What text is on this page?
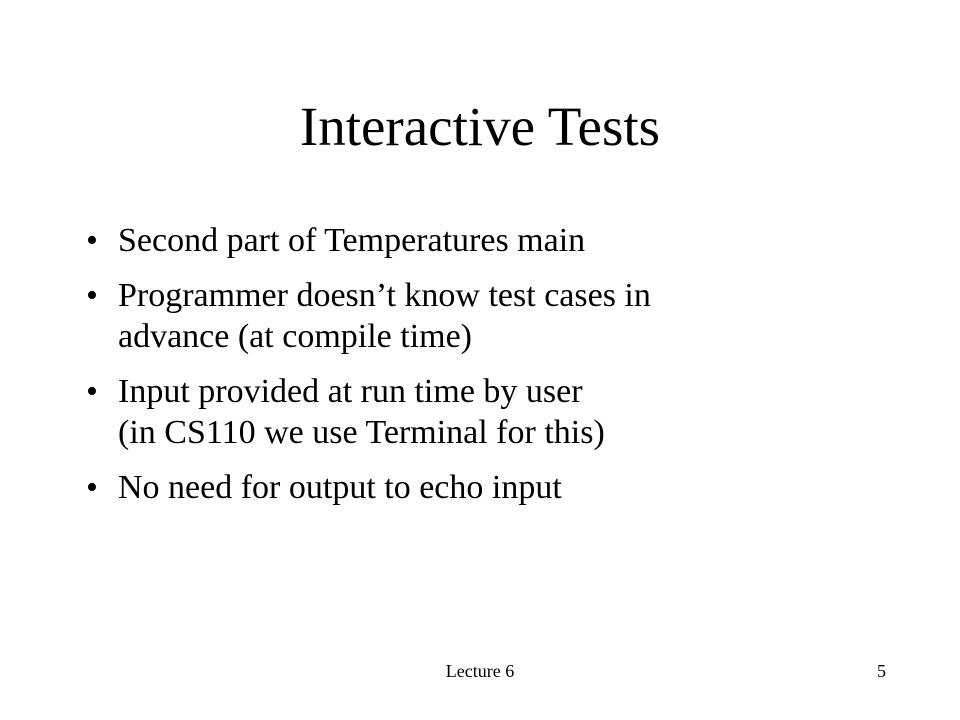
Interactive Tests
• Second part of Temperatures main
• Programmer doesn’t know test cases in
advance (at compile time)
• Input provided at run time by user
(in CS110 we use Terminal for this)
• No need for output to echo input
Lecture 6	5
